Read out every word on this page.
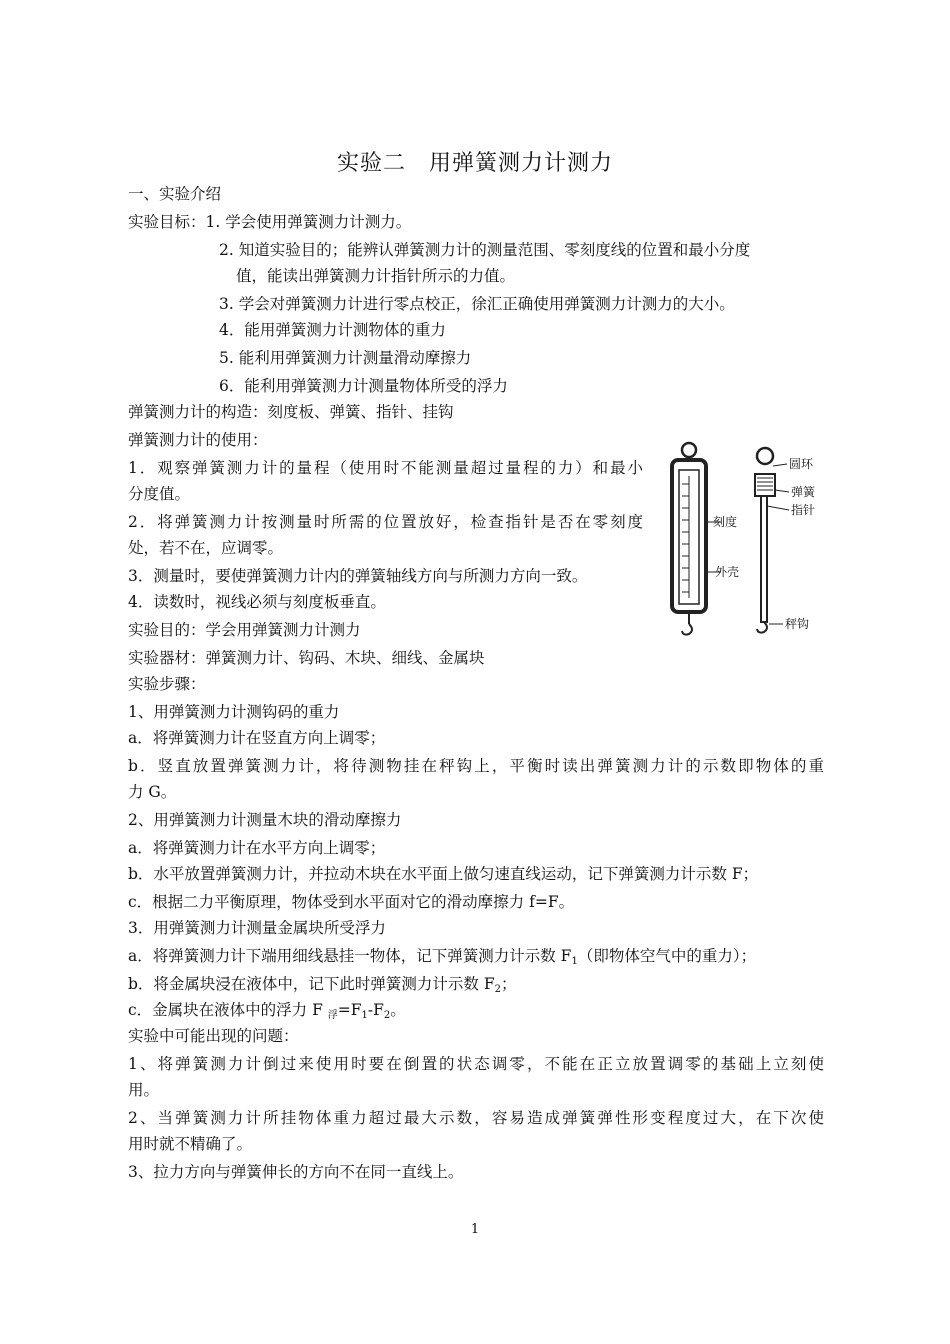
实验二　用弹簧测力计测力
一、实验介绍
实验目标：1. 学会使用弹簧测力计测力。
2. 知道实验目的；能辨认弹簧测力计的测量范围、零刻度线的位置和最小分度
值，能读出弹簧测力计指针所示的力值。
3. 学会对弹簧测力计进行零点校正，徐汇正确使用弹簧测力计测力的大小。
4．能用弹簧测力计测物体的重力
5. 能利用弹簧测力计测量滑动摩擦力
6．能利用弹簧测力计测量物体所受的浮力
弹簧测力计的构造：刻度板、弹簧、指针、挂钩
弹簧测力计的使用：
1．观察弹簧测力计的量程（使用时不能测量超过量程的力）和最小
分度值。
2．将弹簧测力计按测量时所需的位置放好，检查指针是否在零刻度
处，若不在，应调零。
3．测量时，要使弹簧测力计内的弹簧轴线方向与所测力方向一致。
4．读数时，视线必须与刻度板垂直。
实验目的：学会用弹簧测力计测力
实验器材：弹簧测力计、钩码、木块、细线、金属块
实验步骤：
1、用弹簧测力计测钩码的重力
a．将弹簧测力计在竖直方向上调零；
b．竖直放置弹簧测力计，将待测物挂在秤钩上，平衡时读出弹簧测力计的示数即物体的重
力 G。
2、用弹簧测力计测量木块的滑动摩擦力
a．将弹簧测力计在水平方向上调零；
b．水平放置弹簧测力计，并拉动木块在水平面上做匀速直线运动，记下弹簧测力计示数 F；
c．根据二力平衡原理，物体受到水平面对它的滑动摩擦力 f=F。
3．用弹簧测力计测量金属块所受浮力
a．将弹簧测力计下端用细线悬挂一物体，记下弹簧测力计示数 $F_1$（即物体空气中的重力）；
b．将金属块浸在液体中，记下此时弹簧测力计示数 $F_2$；
c．金属块在液体中的浮力 F $_浮=F_1-F_2$。
实验中可能出现的问题：
1、将弹簧测力计倒过来使用时要在倒置的状态调零，不能在正立放置调零的基础上立刻使
用。
2、当弹簧测力计所挂物体重力超过最大示数，容易造成弹簧弹性形变程度过大，在下次使
用时就不精确了。
3、拉力方向与弹簧伸长的方向不在同一直线上。
刻度
外壳
圆环
弹簧
指针
秤钩
1
